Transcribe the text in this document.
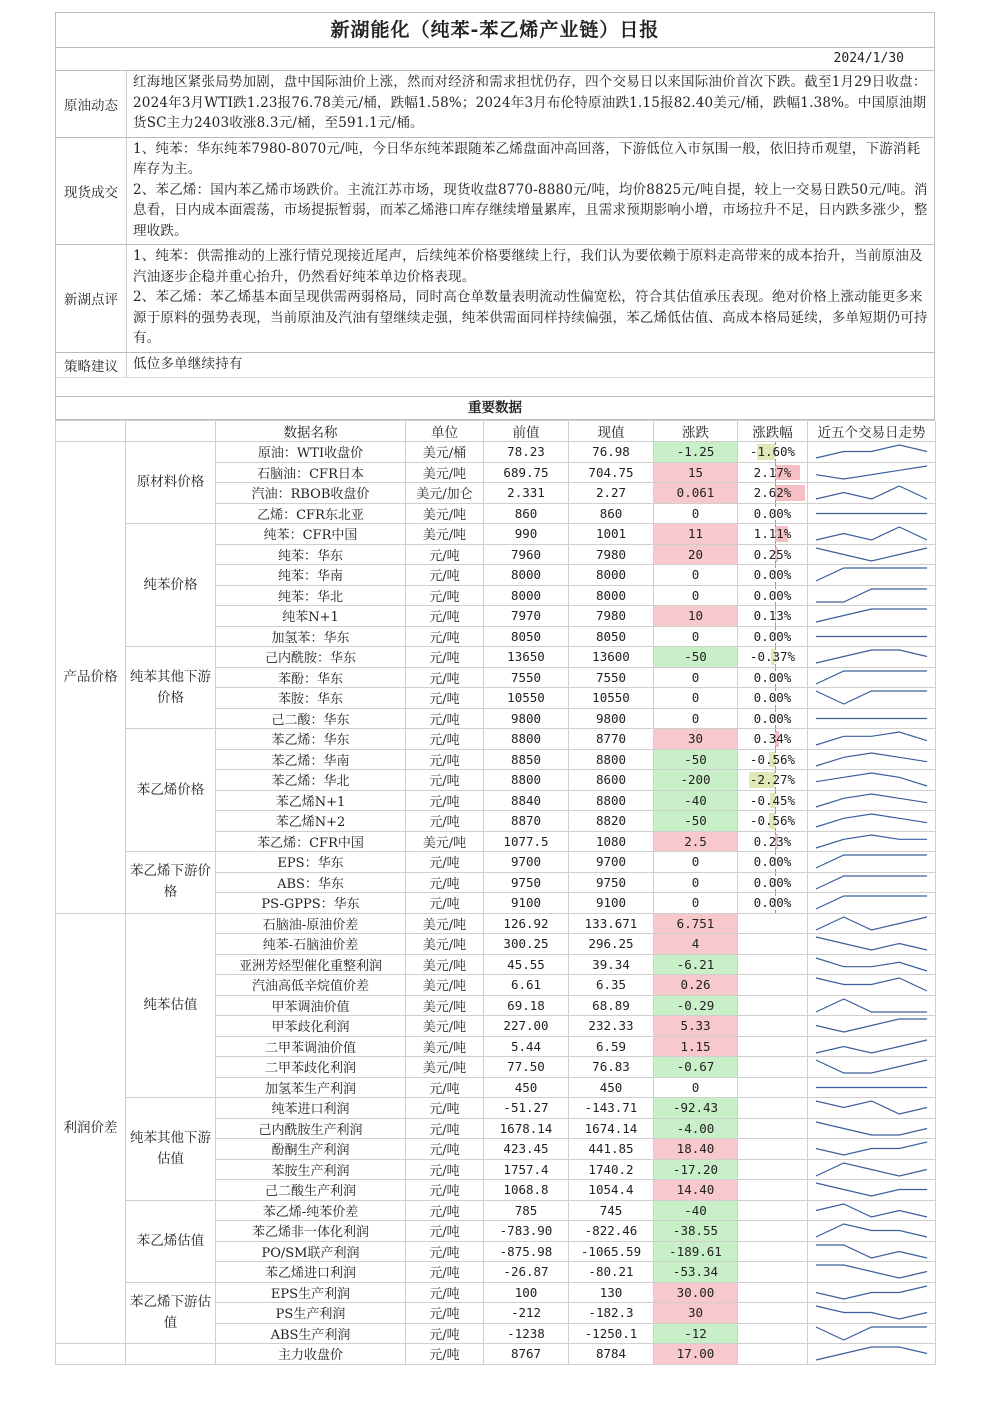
新湖能化（纯苯-苯乙烯产业链）日报
2024/1/30
原油动态
红海地区紧张局势加剧，盘中国际油价上涨，然而对经济和需求担忧仍存，四个交易日以来国际油价首次下跌。截至1月29日收盘：2024年3月WTI跌1.23报76.78美元/桶，跌幅1.58%；2024年3月布伦特原油跌1.15报82.40美元/桶，跌幅1.38%。中国原油期货SC主力2403收涨8.3元/桶，至591.1元/桶。
现货成交
1、纯苯：华东纯苯7980-8070元/吨，今日华东纯苯跟随苯乙烯盘面冲高回落，下游低位入市氛围一般，依旧持币观望，下游消耗库存为主。
2、苯乙烯：国内苯乙烯市场跌价。主流江苏市场，现货收盘8770-8880元/吨，均价8825元/吨自提，较上一交易日跌50元/吨。消息看，日内成本面震荡，市场提振暂弱，而苯乙烯港口库存继续增量累库，且需求预期影响小增，市场拉升不足，日内跌多涨少，整理收跌。
新湖点评
1、纯苯：供需推动的上涨行情兑现接近尾声，后续纯苯价格要继续上行，我们认为要依赖于原料走高带来的成本抬升，当前原油及汽油逐步企稳并重心抬升，仍然看好纯苯单边价格表现。
2、苯乙烯：苯乙烯基本面呈现供需两弱格局，同时高仓单数量表明流动性偏宽松，符合其估值承压表现。绝对价格上涨动能更多来源于原料的强势表现，当前原油及汽油有望继续走强，纯苯供需面同样持续偏强，苯乙烯低估值、高成本格局延续，多单短期仍可持有。
策略建议	低位多单继续持有
重要数据
		数据名称	单位	前值	现值	涨跌	涨跌幅	近五个交易日走势
产品价格	原材料价格	原油：WTI收盘价	美元/桶	78.23	76.98	-1.25	-1.60%	

		石脑油：CFR日本	美元/吨	689.75	704.75	15	2.17%	

		汽油：RBOB收盘价	美元/加仑	2.331	2.27	0.061	2.62%	

		乙烯：CFR东北亚	美元/吨	860	860	0	0.00%	

	纯苯价格	纯苯：CFR中国	美元/吨	990	1001	11	1.11%	

		纯苯：华东	元/吨	7960	7980	20	0.25%	

		纯苯：华南	元/吨	8000	8000	0	0.00%	

		纯苯：华北	元/吨	8000	8000	0	0.00%	

		纯苯N+1	元/吨	7970	7980	10	0.13%	

		加氢苯：华东	元/吨	8050	8050	0	0.00%	

	纯苯其他下游价格	己内酰胺：华东	元/吨	13650	13600	-50	-0.37%	

		苯酚：华东	元/吨	7550	7550	0	0.00%	

		苯胺：华东	元/吨	10550	10550	0	0.00%	

		己二酸：华东	元/吨	9800	9800	0	0.00%	

	苯乙烯价格	苯乙烯：华东	元/吨	8800	8770	30	0.34%	

		苯乙烯：华南	元/吨	8850	8800	-50	-0.56%	

		苯乙烯：华北	元/吨	8800	8600	-200	-2.27%	

		苯乙烯N+1	元/吨	8840	8800	-40	-0.45%	

		苯乙烯N+2	元/吨	8870	8820	-50	-0.56%	

		苯乙烯：CFR中国	美元/吨	1077.5	1080	2.5	0.23%	

	苯乙烯下游价格	EPS：华东	元/吨	9700	9700	0	0.00%	

		ABS：华东	元/吨	9750	9750	0	0.00%	

		PS-GPPS：华东	元/吨	9100	9100	0	0.00%	

利润价差	纯苯估值	石脑油-原油价差	美元/吨	126.92	133.671	6.751		

		纯苯-石脑油价差	美元/吨	300.25	296.25	4		

		亚洲芳烃型催化重整利润	美元/吨	45.55	39.34	-6.21		

		汽油高低辛烷值价差	美元/吨	6.61	6.35	0.26		

		甲苯调油价值	美元/吨	69.18	68.89	-0.29		

		甲苯歧化利润	美元/吨	227.00	232.33	5.33		

		二甲苯调油价值	美元/吨	5.44	6.59	1.15		

		二甲苯歧化利润	美元/吨	77.50	76.83	-0.67		

		加氢苯生产利润	元/吨	450	450	0		

	纯苯其他下游估值	纯苯进口利润	元/吨	-51.27	-143.71	-92.43		

		己内酰胺生产利润	元/吨	1678.14	1674.14	-4.00		

		酚酮生产利润	元/吨	423.45	441.85	18.40		

		苯胺生产利润	元/吨	1757.4	1740.2	-17.20		

		己二酸生产利润	元/吨	1068.8	1054.4	14.40		

	苯乙烯估值	苯乙烯-纯苯价差	元/吨	785	745	-40		

		苯乙烯非一体化利润	元/吨	-783.90	-822.46	-38.55		

		PO/SM联产利润	元/吨	-875.98	-1065.59	-189.61		

		苯乙烯进口利润	元/吨	-26.87	-80.21	-53.34		

	苯乙烯下游估值	EPS生产利润	元/吨	100	130	30.00		

		PS生产利润	元/吨	-212	-182.3	30		

		ABS生产利润	元/吨	-1238	-1250.1	-12		

		主力收盘价	元/吨	8767	8784	17.00		
